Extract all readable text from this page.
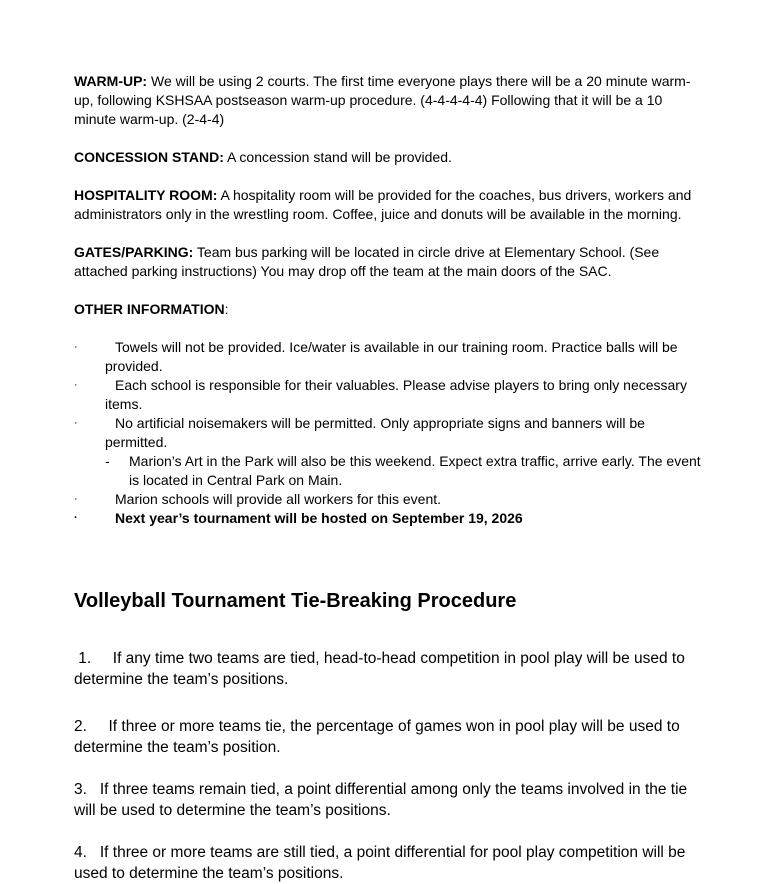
WARM-UP: We will be using 2 courts. The first time everyone plays there will be a 20 minute warm-up, following KSHSAA postseason warm-up procedure. (4-4-4-4-4) Following that it will be a 10 minute warm-up. (2-4-4)

CONCESSION STAND: A concession stand will be provided.

HOSPITALITY ROOM: A hospitality room will be provided for the coaches, bus drivers, workers and administrators only in the wrestling room. Coffee, juice and donuts will be available in the morning.

GATES/PARKING: Team bus parking will be located in circle drive at Elementary School. (See attached parking instructions) You may drop off the team at the main doors of the SAC.

OTHER INFORMATION:

·	Towels will not be provided. Ice/water is available in our training room. Practice balls will be provided.
·	Each school is responsible for their valuables. Please advise players to bring only necessary items.
·	No artificial noisemakers will be permitted. Only appropriate signs and banners will be permitted.
- Marion’s Art in the Park will also be this weekend. Expect extra traffic, arrive early. The event is located in Central Park on Main.
·	Marion schools will provide all workers for this event.
·	Next year’s tournament will be hosted on September 19, 2026
Volleyball Tournament Tie-Breaking Procedure

1.     If any time two teams are tied, head-to-head competition in pool play will be used to determine the team’s positions.

2.     If three or more teams tie, the percentage of games won in pool play will be used to determine the team’s position.

3.   If three teams remain tied, a point differential among only the teams involved in the tie will be used to determine the team’s positions.

4.   If three or more teams are still tied, a point differential for pool play competition will be used to determine the team’s positions.
